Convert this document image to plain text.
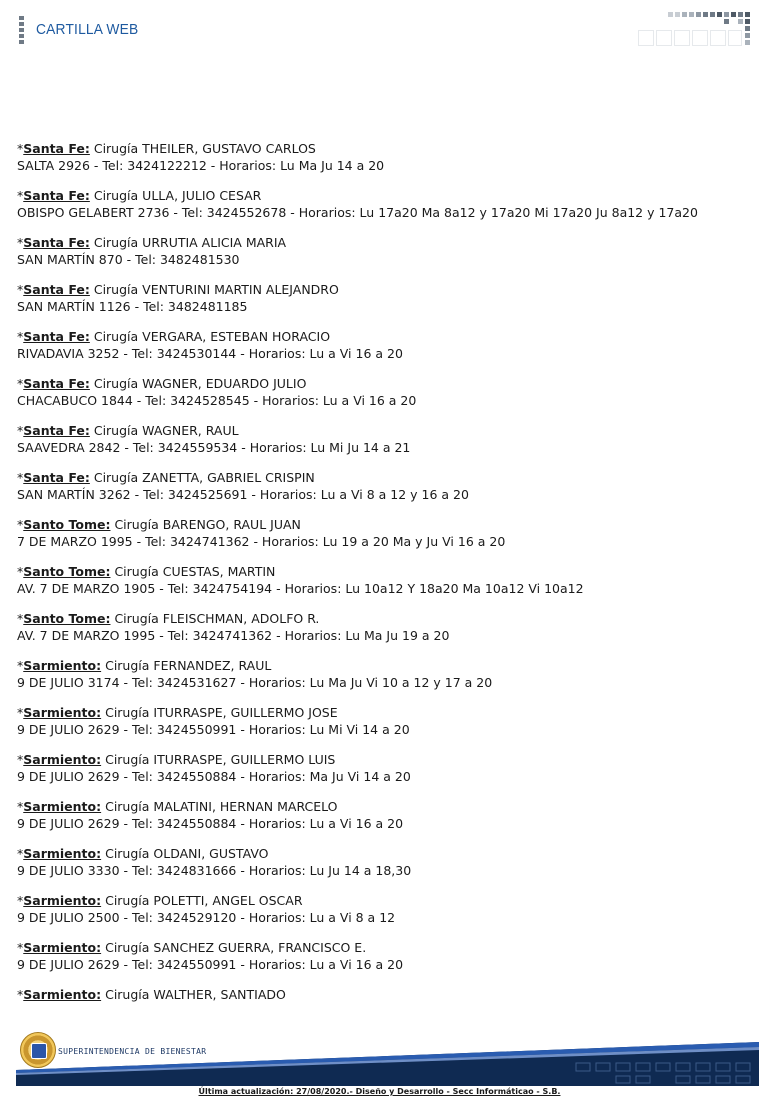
CARTILLA WEB
*Santa Fe: Cirugía THEILER, GUSTAVO CARLOS
SALTA 2926 - Tel: 3424122212 - Horarios: Lu Ma Ju 14 a 20
*Santa Fe: Cirugía ULLA, JULIO CESAR
OBISPO GELABERT 2736 - Tel: 3424552678 - Horarios: Lu 17a20 Ma 8a12 y 17a20 Mi 17a20 Ju 8a12 y 17a20
*Santa Fe: Cirugía URRUTIA ALICIA MARIA
SAN MARTÍN 870 - Tel: 3482481530
*Santa Fe: Cirugía VENTURINI MARTIN ALEJANDRO
SAN MARTÍN 1126 - Tel: 3482481185
*Santa Fe: Cirugía VERGARA, ESTEBAN HORACIO
RIVADAVIA 3252 - Tel: 3424530144 - Horarios: Lu a Vi 16 a 20
*Santa Fe: Cirugía WAGNER, EDUARDO JULIO
CHACABUCO 1844 - Tel: 3424528545 - Horarios: Lu a Vi 16 a 20
*Santa Fe: Cirugía WAGNER, RAUL
SAAVEDRA 2842 - Tel: 3424559534 - Horarios: Lu Mi Ju 14 a 21
*Santa Fe: Cirugía ZANETTA, GABRIEL CRISPIN
SAN MARTÍN 3262 - Tel: 3424525691 - Horarios: Lu a Vi 8 a 12 y 16 a 20
*Santo Tome: Cirugía BARENGO, RAUL JUAN
7 DE MARZO 1995 - Tel: 3424741362 - Horarios: Lu 19 a 20 Ma y Ju Vi 16 a 20
*Santo Tome: Cirugía CUESTAS, MARTIN
AV. 7 DE MARZO 1905 - Tel: 3424754194 - Horarios: Lu 10a12 Y 18a20 Ma 10a12 Vi 10a12
*Santo Tome: Cirugía FLEISCHMAN, ADOLFO R.
AV. 7 DE MARZO 1995 - Tel: 3424741362 - Horarios: Lu Ma Ju 19 a 20
*Sarmiento: Cirugía FERNANDEZ, RAUL
9 DE JULIO 3174 - Tel: 3424531627 - Horarios: Lu Ma Ju Vi 10 a 12 y 17 a 20
*Sarmiento: Cirugía ITURRASPE, GUILLERMO JOSE
9 DE JULIO 2629 - Tel: 3424550991 - Horarios: Lu Mi Vi 14 a 20
*Sarmiento: Cirugía ITURRASPE, GUILLERMO LUIS
9 DE JULIO 2629 - Tel: 3424550884 - Horarios: Ma Ju Vi 14 a 20
*Sarmiento: Cirugía MALATINI, HERNAN MARCELO
9 DE JULIO 2629 - Tel: 3424550884 - Horarios: Lu a Vi 16 a 20
*Sarmiento: Cirugía OLDANI, GUSTAVO
9 DE JULIO 3330 - Tel: 3424831666 - Horarios: Lu Ju 14 a 18,30
*Sarmiento: Cirugía POLETTI, ANGEL OSCAR
9 DE JULIO 2500 - Tel: 3424529120 - Horarios: Lu a Vi 8 a 12
*Sarmiento: Cirugía SANCHEZ GUERRA, FRANCISCO E.
9 DE JULIO 2629 - Tel: 3424550991 - Horarios: Lu a Vi 16 a 20
*Sarmiento: Cirugía WALTHER, SANTIADO
SUPERINTENDENCIA DE BIENESTAR
Última actualización: 27/08/2020.- Diseño y Desarrollo - Secc Informáticao - S.B.
